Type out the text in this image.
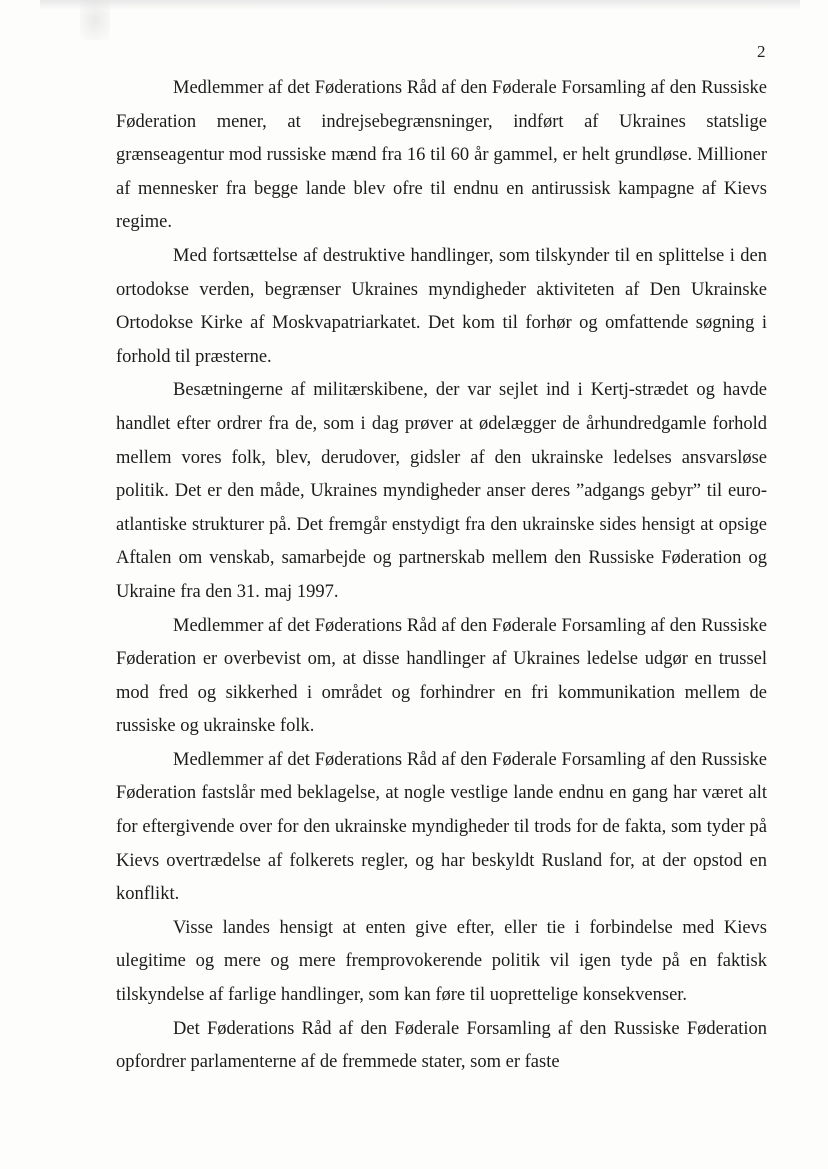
2

Medlemmer af det Føderations Råd af den Føderale Forsamling af den Russiske Føderation mener, at indrejsebegrænsninger, indført af Ukraines statslige grænseagentur mod russiske mænd fra 16 til 60 år gammel, er helt grundløse. Millioner af mennesker fra begge lande blev ofre til endnu en antirussisk kampagne af Kievs regime.

Med fortsættelse af destruktive handlinger, som tilskynder til en splittelse i den ortodokse verden, begrænser Ukraines myndigheder aktiviteten af Den Ukrainske Ortodokse Kirke af Moskvapatriarkatet. Det kom til forhør og omfattende søgning i forhold til præsterne.

Besætningerne af militærskibene, der var sejlet ind i Kertj-strædet og havde handlet efter ordrer fra de, som i dag prøver at ødelægger de århundredgamle forhold mellem vores folk, blev, derudover, gidsler af den ukrainske ledelses ansvarsløse politik. Det er den måde, Ukraines myndigheder anser deres ”adgangs gebyr” til euro-atlantiske strukturer på. Det fremgår enstydigt fra den ukrainske sides hensigt at opsige Aftalen om venskab, samarbejde og partnerskab mellem den Russiske Føderation og Ukraine fra den 31. maj 1997.

Medlemmer af det Føderations Råd af den Føderale Forsamling af den Russiske Føderation er overbevist om, at disse handlinger af Ukraines ledelse udgør en trussel mod fred og sikkerhed i området og forhindrer en fri kommunikation mellem de russiske og ukrainske folk.

Medlemmer af det Føderations Råd af den Føderale Forsamling af den Russiske Føderation fastslår med beklagelse, at nogle vestlige lande endnu en gang har været alt for eftergivende over for den ukrainske myndigheder til trods for de fakta, som tyder på Kievs overtrædelse af folkerets regler, og har beskyldt Rusland for, at der opstod en konflikt.

Visse landes hensigt at enten give efter, eller tie i forbindelse med Kievs ulegitime og mere og mere fremprovokerende politik vil igen tyde på en faktisk tilskyndelse af farlige handlinger, som kan føre til uoprettelige konsekvenser.

Det Føderations Råd af den Føderale Forsamling af den Russiske Føderation opfordrer parlamenterne af de fremmede stater, som er faste
